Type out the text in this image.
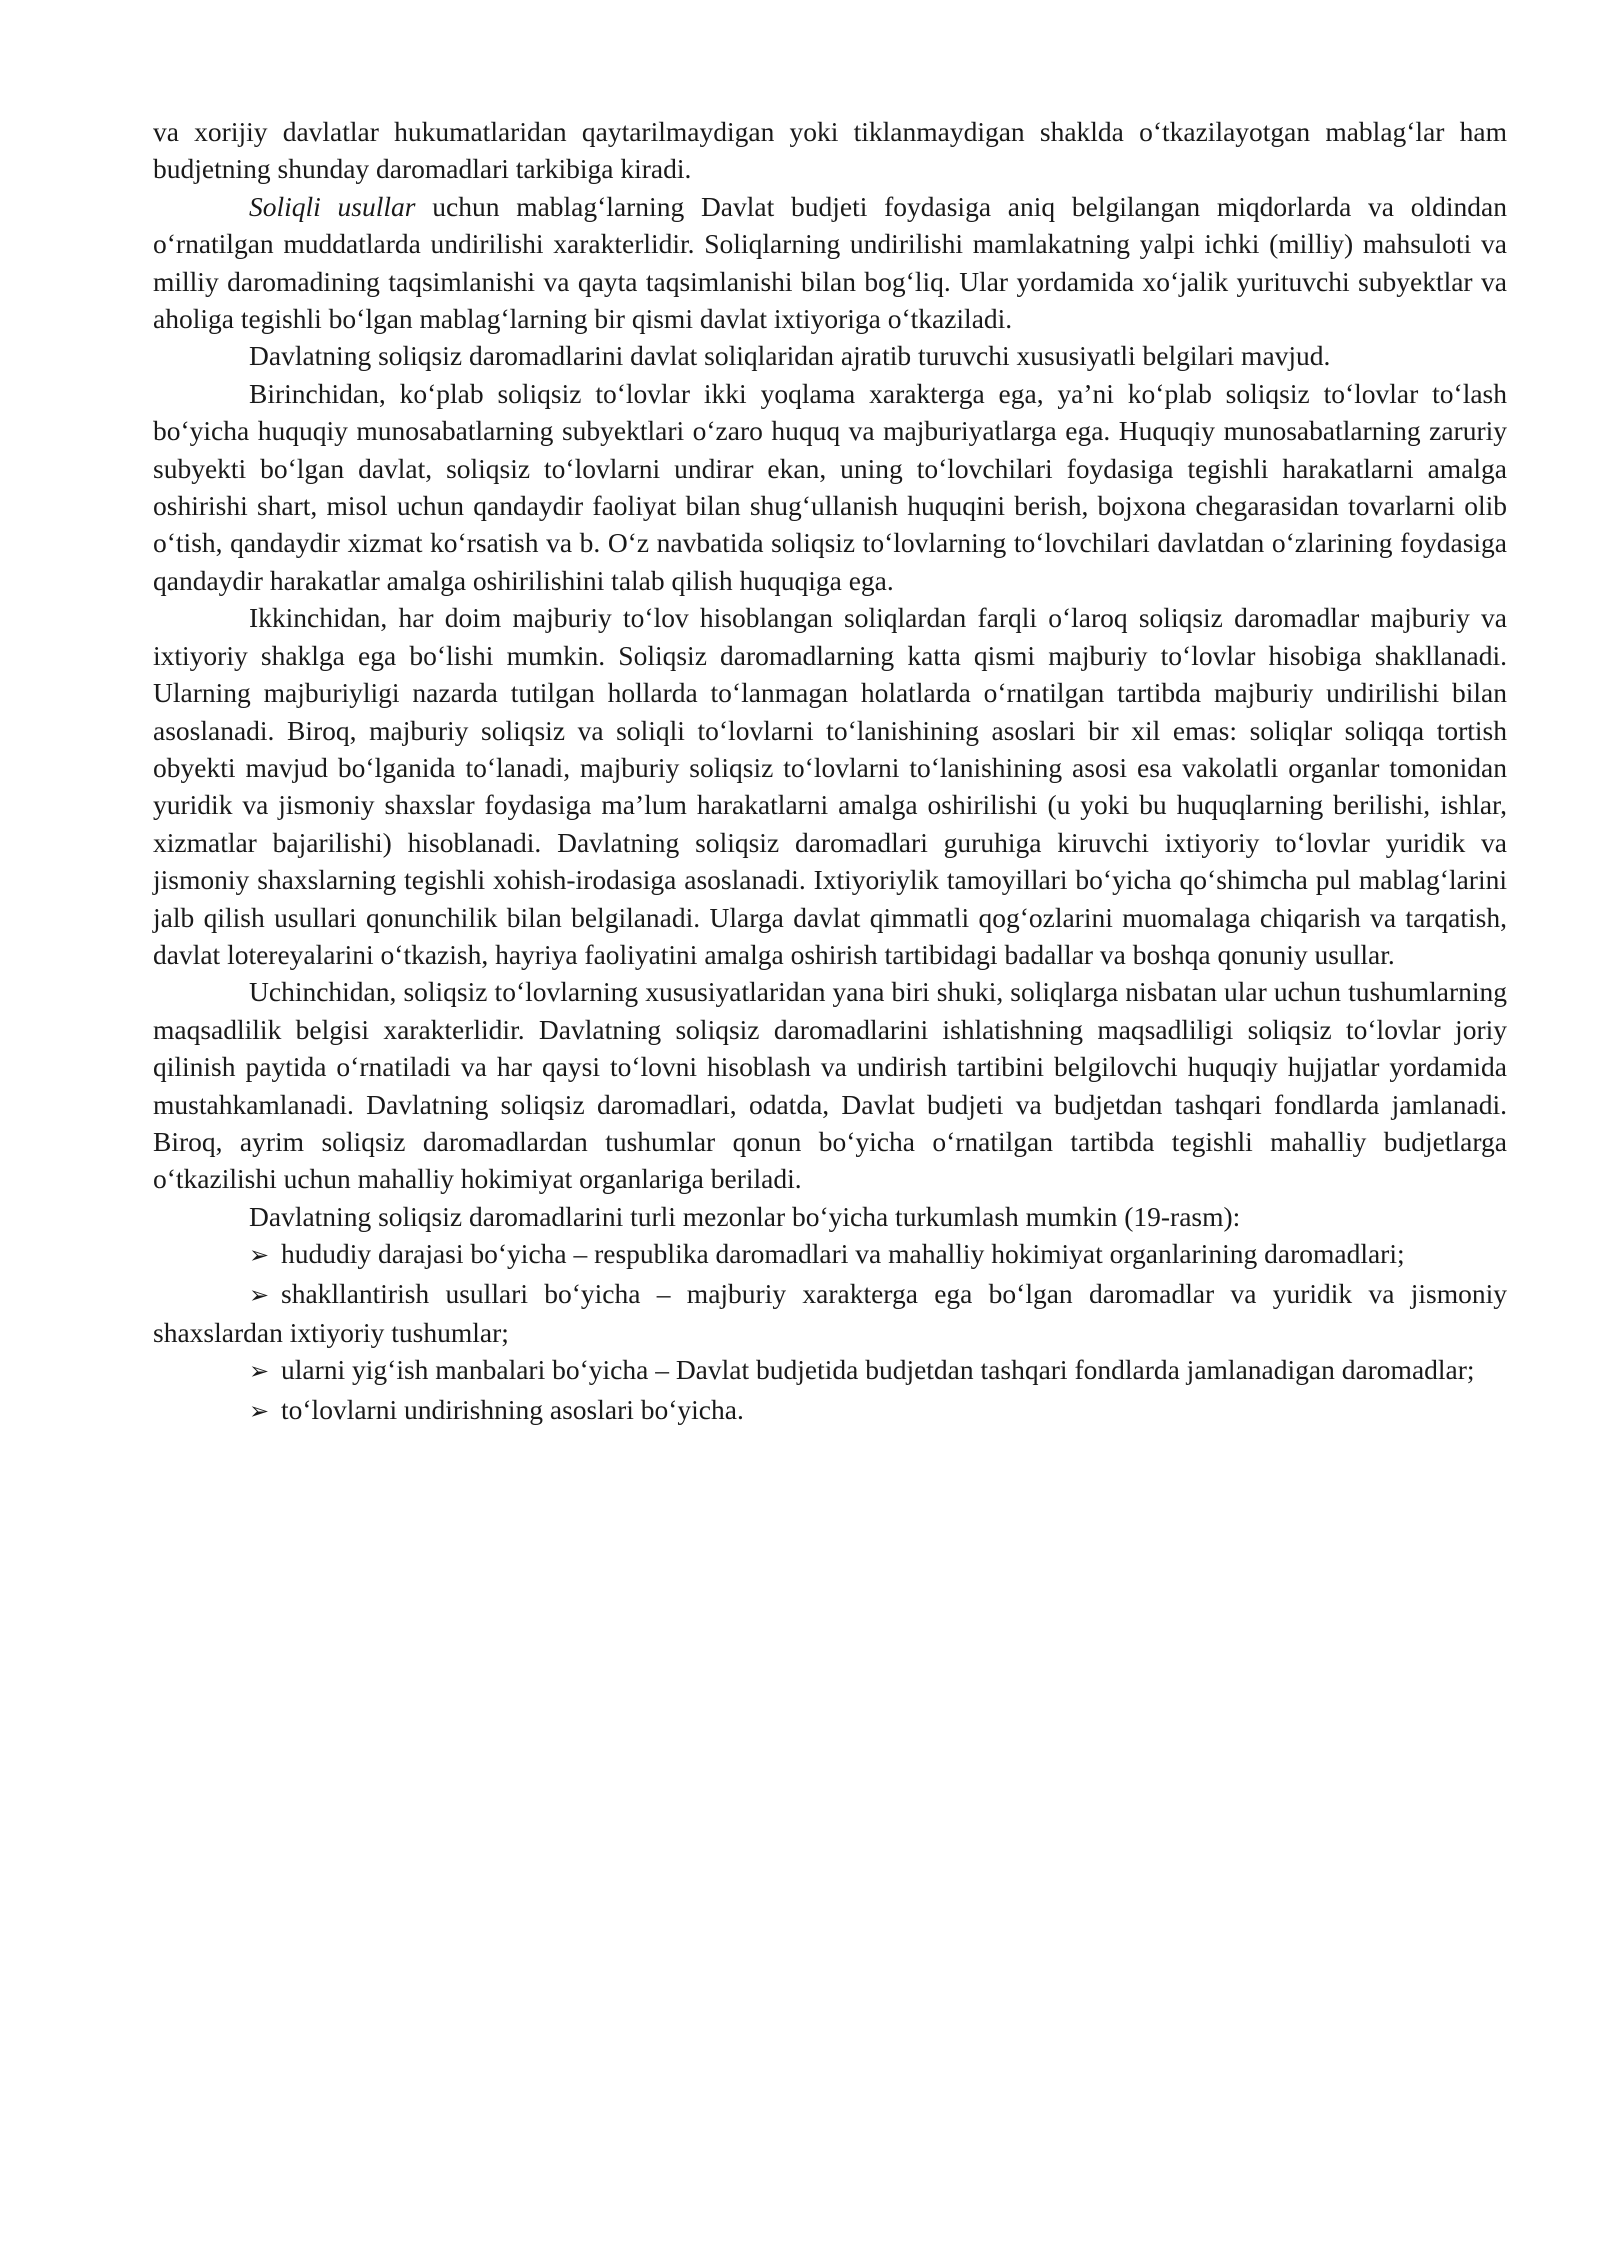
va xorijiy davlatlar hukumatlaridan qaytarilmaydigan yoki tiklanmaydigan shaklda o‘tkazilayotgan mablag‘lar ham budjetning shunday daromadlari tarkibiga kiradi.

Soliqli usullar uchun mablag‘larning Davlat budjeti foydasiga aniq belgilangan miqdorlarda va oldindan o‘rnatilgan muddatlarda undirilishi xarakterlidir. Soliqlarning undirilishi mamlakatning yalpi ichki (milliy) mahsuloti va milliy daromadining taqsimlanishi va qayta taqsimlanishi bilan bog‘liq. Ular yordamida xo‘jalik yurituvchi subyektlar va aholiga tegishli bo‘lgan mablag‘larning bir qismi davlat ixtiyoriga o‘tkaziladi.

Davlatning soliqsiz daromadlarini davlat soliqlaridan ajratib turuvchi xususiyatli belgilari mavjud.

Birinchidan, ko‘plab soliqsiz to‘lovlar ikki yoqlama xarakterga ega, ya’ni ko‘plab soliqsiz to‘lovlar to‘lash bo‘yicha huquqiy munosabatlarning subyektlari o‘zaro huquq va majburiyatlarga ega. Huquqiy munosabatlarning zaruriy subyekti bo‘lgan davlat, soliqsiz to‘lovlarni undirar ekan, uning to‘lovchilari foydasiga tegishli harakatlarni amalga oshirishi shart, misol uchun qandaydir faoliyat bilan shug‘ullanish huquqini berish, bojxona chegarasidan tovarlarni olib o‘tish, qandaydir xizmat ko‘rsatish va b. O‘z navbatida soliqsiz to‘lovlarning to‘lovchilari davlatdan o‘zlarining foydasiga qandaydir harakatlar amalga oshirilishini talab qilish huquqiga ega.

Ikkinchidan, har doim majburiy to‘lov hisoblangan soliqlardan farqli o‘laroq soliqsiz daromadlar majburiy va ixtiyoriy shaklga ega bo‘lishi mumkin. Soliqsiz daromadlarning katta qismi majburiy to‘lovlar hisobiga shakllanadi. Ularning majburiyligi nazarda tutilgan hollarda to‘lanmagan holatlarda o‘rnatilgan tartibda majburiy undirilishi bilan asoslanadi. Biroq, majburiy soliqsiz va soliqli to‘lovlarni to‘lanishining asoslari bir xil emas: soliqlar soliqqa tortish obyekti mavjud bo‘lganida to‘lanadi, majburiy soliqsiz to‘lovlarni to‘lanishining asosi esa vakolatli organlar tomonidan yuridik va jismoniy shaxslar foydasiga ma’lum harakatlarni amalga oshirilishi (u yoki bu huquqlarning berilishi, ishlar, xizmatlar bajarilishi) hisoblanadi. Davlatning soliqsiz daromadlari guruhiga kiruvchi ixtiyoriy to‘lovlar yuridik va jismoniy shaxslarning tegishli xohish-irodasiga asoslanadi. Ixtiyoriylik tamoyillari bo‘yicha qo‘shimcha pul mablag‘larini jalb qilish usullari qonunchilik bilan belgilanadi. Ularga davlat qimmatli qog‘ozlarini muomalaga chiqarish va tarqatish, davlat lotereyalarini o‘tkazish, hayriya faoliyatini amalga oshirish tartibidagi badallar va boshqa qonuniy usullar.

Uchinchidan, soliqsiz to‘lovlarning xususiyatlaridan yana biri shuki, soliqlarga nisbatan ular uchun tushumlarning maqsadlilik belgisi xarakterlidir. Davlatning soliqsiz daromadlarini ishlatishning maqsadliligi soliqsiz to‘lovlar joriy qilinish paytida o‘rnatiladi va har qaysi to‘lovni hisoblash va undirish tartibini belgilovchi huquqiy hujjatlar yordamida mustahkamlanadi. Davlatning soliqsiz daromadlari, odatda, Davlat budjeti va budjetdan tashqari fondlarda jamlanadi. Biroq, ayrim soliqsiz daromadlardan tushumlar qonun bo‘yicha o‘rnatilgan tartibda tegishli mahalliy budjetlarga o‘tkazilishi uchun mahalliy hokimiyat organlariga beriladi.

Davlatning soliqsiz daromadlarini turli mezonlar bo‘yicha turkumlash mumkin (19-rasm):

➢ hududiy darajasi bo‘yicha – respublika daromadlari va mahalliy hokimiyat organlarining daromadlari;

➢ shakllantirish usullari bo‘yicha – majburiy xarakterga ega bo‘lgan daromadlar va yuridik va jismoniy shaxslardan ixtiyoriy tushumlar;

➢ ularni yig‘ish manbalari bo‘yicha – Davlat budjetida budjetdan tashqari fondlarda jamlanadigan daromadlar;

➢ to‘lovlarni undirishning asoslari bo‘yicha.
